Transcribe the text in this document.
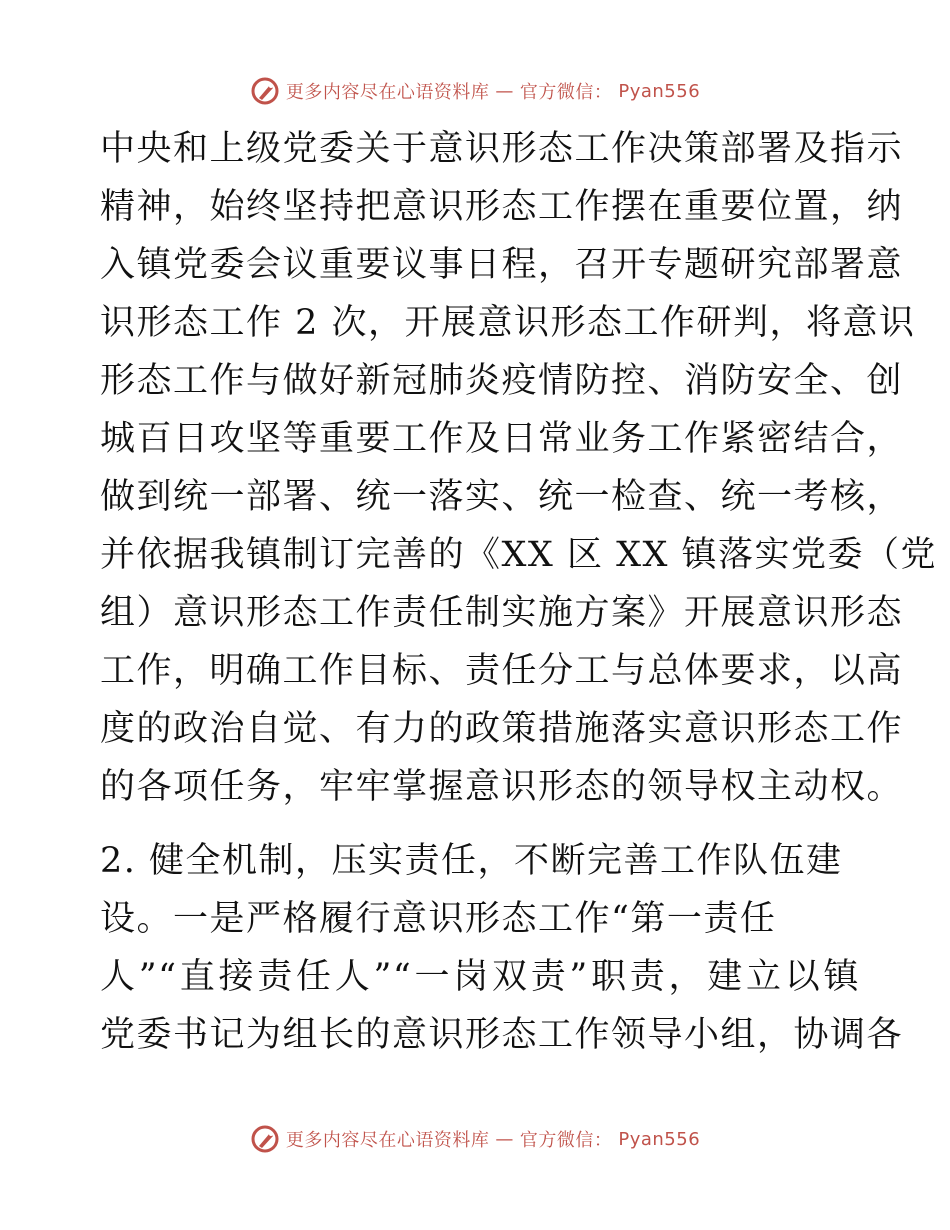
更多内容尽在心语资料库 — 官方微信： Pyan556
中央和上级党委关于意识形态工作决策部署及指示
精神，始终坚持把意识形态工作摆在重要位置，纳
入镇党委会议重要议事日程，召开专题研究部署意
识形态工作 2 次，开展意识形态工作研判，将意识
形态工作与做好新冠肺炎疫情防控、消防安全、创
城百日攻坚等重要工作及日常业务工作紧密结合，
做到统一部署、统一落实、统一检查、统一考核，
并依据我镇制订完善的《XX 区 XX 镇落实党委（党
组）意识形态工作责任制实施方案》开展意识形态
工作，明确工作目标、责任分工与总体要求，以高
度的政治自觉、有力的政策措施落实意识形态工作
的各项任务，牢牢掌握意识形态的领导权主动权。
2. 健全机制，压实责任，不断完善工作队伍建
设。一是严格履行意识形态工作“第一责任
人”“直接责任人”“一岗双责”职责，建立以镇
党委书记为组长的意识形态工作领导小组，协调各
更多内容尽在心语资料库 — 官方微信： Pyan556
